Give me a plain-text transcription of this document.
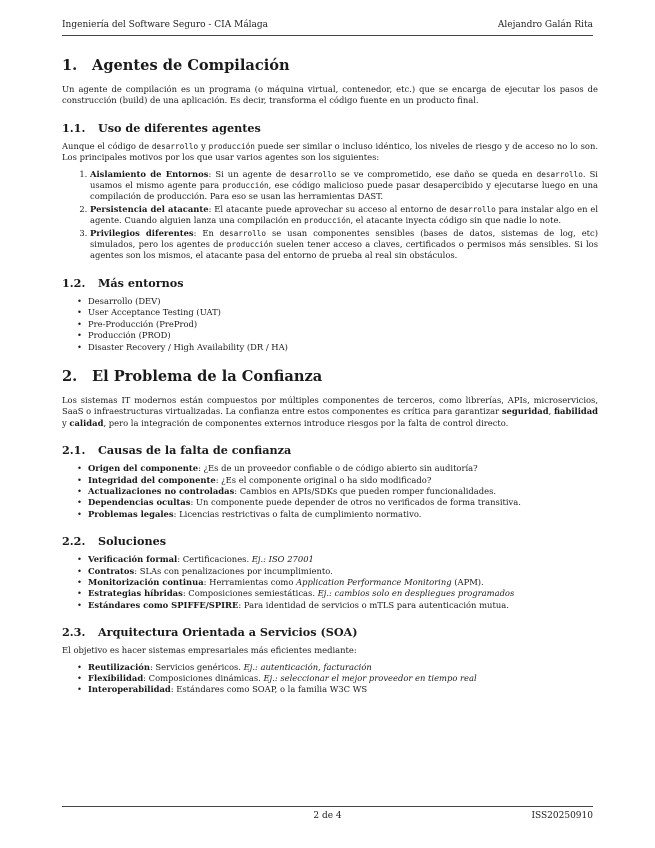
Ingeniería del Software Seguro - CIA Málaga	Alejandro Galán Rita
1. Agentes de Compilación

Un agente de compilación es un programa (o máquina virtual, contenedor, etc.) que se encarga de ejecutar los pasos de construcción (build) de una aplicación. Es decir, transforma el código fuente en un producto final.

1.1. Uso de diferentes agentes

Aunque el código de desarrollo y producción puede ser similar o incluso idéntico, los niveles de riesgo y de acceso no lo son. Los principales motivos por los que usar varios agentes son los siguientes:

1. Aislamiento de Entornos: Si un agente de desarrollo se ve comprometido, ese daño se queda en desarrollo. Si usamos el mismo agente para producción, ese código malicioso puede pasar desapercibido y ejecutarse luego en una compilación de producción. Para eso se usan las herramientas DAST.
2. Persistencia del atacante: El atacante puede aprovechar su acceso al entorno de desarrollo para instalar algo en el agente. Cuando alguien lanza una compilación en producción, el atacante inyecta código sin que nadie lo note.
3. Privilegios diferentes: En desarrollo se usan componentes sensibles (bases de datos, sistemas de log, etc) simulados, pero los agentes de producción suelen tener acceso a claves, certificados o permisos más sensibles. Si los agentes son los mismos, el atacante pasa del entorno de prueba al real sin obstáculos.
1.2. Más entornos
• Desarrollo (DEV)
• User Acceptance Testing (UAT)
• Pre-Producción (PreProd)
• Producción (PROD)
• Disaster Recovery / High Availability (DR / HA)
2. El Problema de la Confianza

Los sistemas IT modernos están compuestos por múltiples componentes de terceros, como librerías, APIs, microservicios, SaaS o infraestructuras virtualizadas. La confianza entre estos componentes es crítica para garantizar seguridad, fiabilidad y calidad, pero la integración de componentes externos introduce riesgos por la falta de control directo.

2.1. Causas de la falta de confianza
• Origen del componente: ¿Es de un proveedor confiable o de código abierto sin auditoría?
• Integridad del componente: ¿Es el componente original o ha sido modificado?
• Actualizaciones no controladas: Cambios en APIs/SDKs que pueden romper funcionalidades.
• Dependencias ocultas: Un componente puede depender de otros no verificados de forma transitiva.
• Problemas legales: Licencias restrictivas o falta de cumplimiento normativo.
2.2. Soluciones
• Verificación formal: Certificaciones. Ej.: ISO 27001
• Contratos: SLAs con penalizaciones por incumplimiento.
• Monitorización continua: Herramientas como Application Performance Monitoring (APM).
• Estrategias híbridas: Composiciones semiestáticas. Ej.: cambios solo en despliegues programados
• Estándares como SPIFFE/SPIRE: Para identidad de servicios o mTLS para autenticación mutua.
2.3. Arquitectura Orientada a Servicios (SOA)

El objetivo es hacer sistemas empresariales más eficientes mediante:

• Reutilización: Servicios genéricos. Ej.: autenticación, facturación
• Flexibilidad: Composiciones dinámicas. Ej.: seleccionar el mejor proveedor en tiempo real
• Interoperabilidad: Estándares como SOAP, o la familia W3C WS
2 de 4	ISS20250910
